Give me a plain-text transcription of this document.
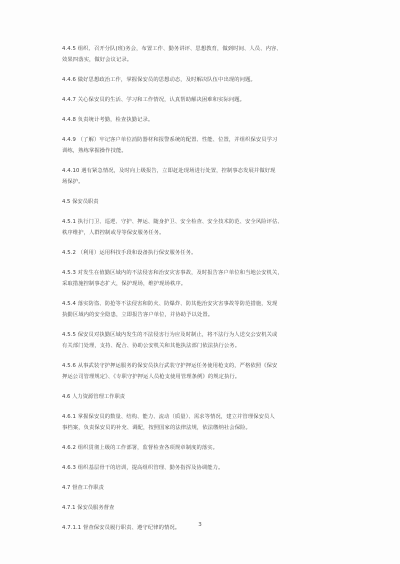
4.4.5 组织、召开分队(班)务会，布置工作、勤务讲评、思想教育，做到时间、人员、内容、
效果四落实，做好会议记录。
4.4.6 做好思想政治工作，掌握保安员的思想动态，及时解决队伍中出现的问题。
4.4.7 关心保安员的生活、学习和工作情况，认真帮助解决困难和实际问题。
4.4.8 负责统计考勤，检查执勤记录。
4.4.9 （了解）牢记客户单位消防器材和报警系统的配置、性能、位置，并组织保安员学习
训练，熟练掌握操作技能。
4.4.10 遇有紧急情况，及时向上级报告，立即赶赴现场进行处置，控制事态发展并做好现
场保护。
4.5 保安员职责
4.5.1 执行门卫、巡逻、守护、押运、随身护卫、安全检查、安全技术防范、安全风险评估、
秩序维护，人群控制或导等保安服务任务。
4.5.2 （利用）运用科技手段和设备执行保安服务任务。
4.5.3 对发生在值勤区域内的不法侵害和治安灾害事故，及时报告客户单位和当地公安机关，
采取措施控制事态扩大，保护现场，维护现场秩序。
4.5.4 落实防盗、防抢等不法侵害和防火、防爆炸、防其他治安灾害事故等防范措施，发现
执勤区域内的安全隐患，立即报告客户单位，并协助予以处置。
4.5.5 保安员对执勤区域内发生的不法侵害行为应及时制止，将不法行为人送交公安机关或
有关部门处理，支持、配合、协助公安机关和其他执法部门依法执行公务。
4.5.6 从事武装守护押运服务的保安员执行武装守护押运任务使用枪支的，严格依照《保安
押运公司管理规定》、《专职守护押运人员枪支使用管理条例》的规定执行。
4.6 人力资源管理工作职责
4.6.1 掌握保安员的数量、结构、能力、流动（质量）、需求等情况，建立并管理保安员人
事档案，负责保安员的补充、调配，按照国家的法律法规，依法缴纳社会保险。
4.6.2 组织贯彻上级的工作部署，监督检查各项规章制度的落实。
4.6.3 组织基层骨干的培训，提高组织管理、勤务指挥及协调能力。
4.7 督查工作职责
4.7.1 保安员服务督查
4.7.1.1 督查保安员履行职责、遵守纪律的情况。	3
